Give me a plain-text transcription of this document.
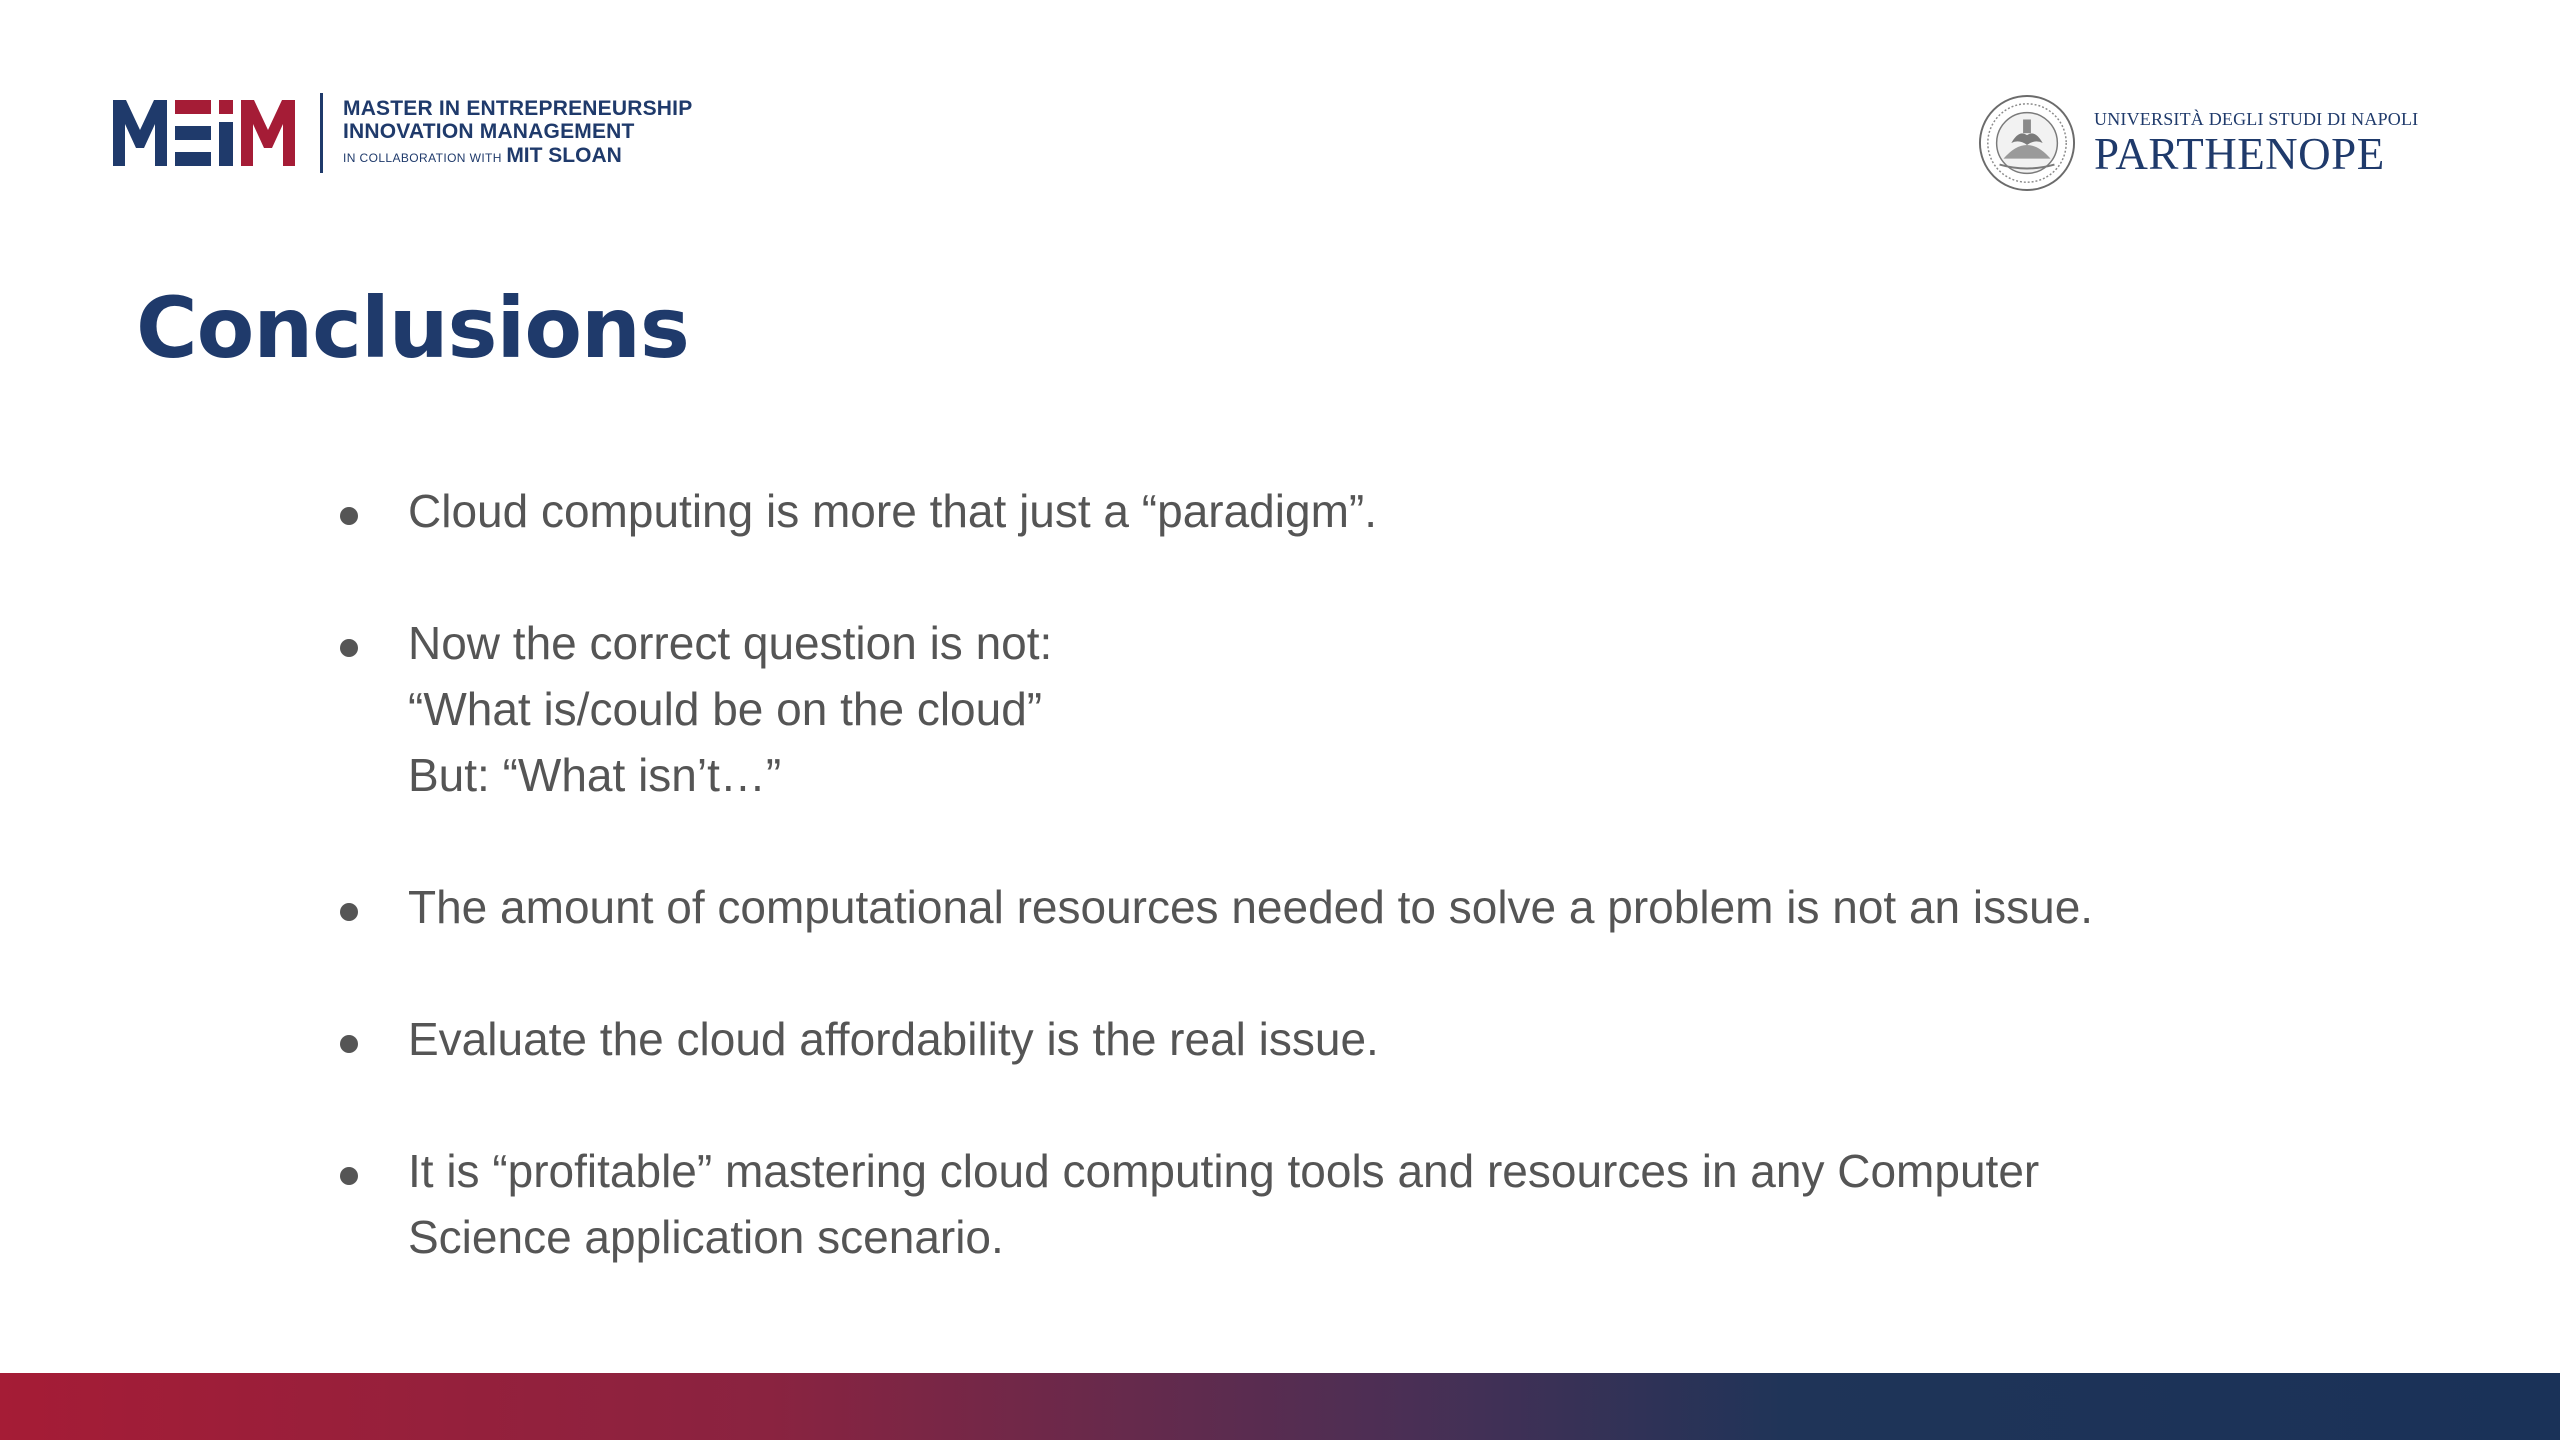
MASTER IN ENTREPRENEURSHIP
INNOVATION MANAGEMENT
IN COLLABORATION WITH MIT SLOAN
UNIVERSITÀ DEGLI STUDI DI NAPOLI
PARTHENOPE
Conclusions
Cloud computing is more that just a “paradigm”.
Now the correct question is not:
“What is/could be on the cloud”
But: “What isn’t…”
The amount of computational resources needed to solve a problem is not an issue.
Evaluate the cloud affordability is the real issue.
It is “profitable” mastering cloud computing tools and resources in any Computer
Science application scenario.
